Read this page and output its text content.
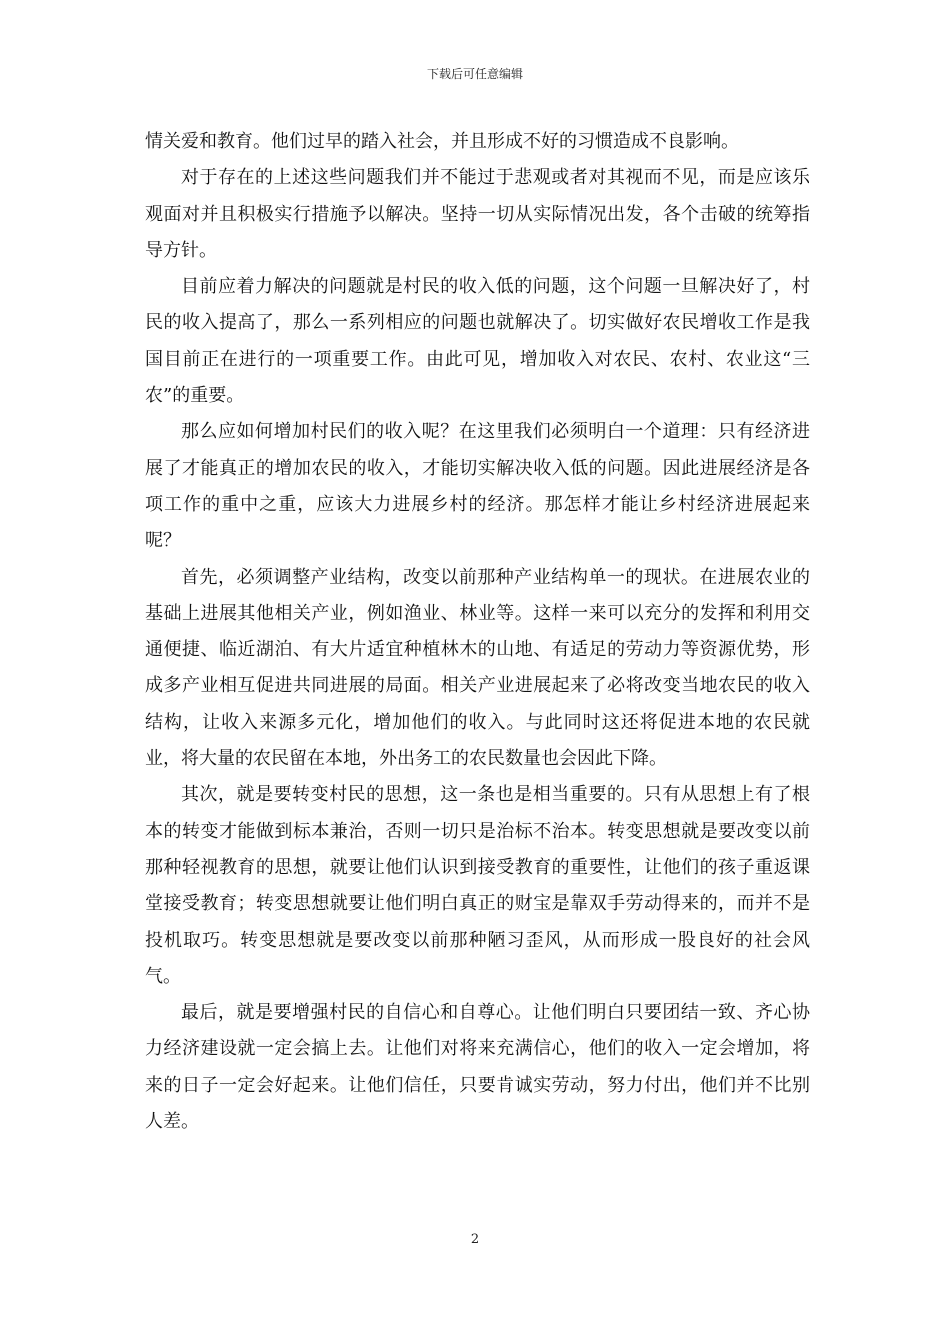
下载后可任意编辑

情关爱和教育。他们过早的踏入社会，并且形成不好的习惯造成不良影响。

对于存在的上述这些问题我们并不能过于悲观或者对其视而不见，而是应该乐观面对并且积极实行措施予以解决。坚持一切从实际情况出发，各个击破的统筹指导方针。

目前应着力解决的问题就是村民的收入低的问题，这个问题一旦解决好了，村民的收入提高了，那么一系列相应的问题也就解决了。切实做好农民增收工作是我国目前正在进行的一项重要工作。由此可见，增加收入对农民、农村、农业这“三农”的重要。

那么应如何增加村民们的收入呢？在这里我们必须明白一个道理：只有经济进展了才能真正的增加农民的收入，才能切实解决收入低的问题。因此进展经济是各项工作的重中之重，应该大力进展乡村的经济。那怎样才能让乡村经济进展起来呢？

首先，必须调整产业结构，改变以前那种产业结构单一的现状。在进展农业的基础上进展其他相关产业，例如渔业、林业等。这样一来可以充分的发挥和利用交通便捷、临近湖泊、有大片适宜种植林木的山地、有适足的劳动力等资源优势，形成多产业相互促进共同进展的局面。相关产业进展起来了必将改变当地农民的收入结构，让收入来源多元化，增加他们的收入。与此同时这还将促进本地的农民就业，将大量的农民留在本地，外出务工的农民数量也会因此下降。

其次，就是要转变村民的思想，这一条也是相当重要的。只有从思想上有了根本的转变才能做到标本兼治，否则一切只是治标不治本。转变思想就是要改变以前那种轻视教育的思想，就要让他们认识到接受教育的重要性，让他们的孩子重返课堂接受教育；转变思想就要让他们明白真正的财宝是靠双手劳动得来的，而并不是投机取巧。转变思想就是要改变以前那种陋习歪风，从而形成一股良好的社会风气。

最后，就是要增强村民的自信心和自尊心。让他们明白只要团结一致、齐心协力经济建设就一定会搞上去。让他们对将来充满信心，他们的收入一定会增加，将来的日子一定会好起来。让他们信任，只要肯诚实劳动，努力付出，他们并不比别人差。

2
